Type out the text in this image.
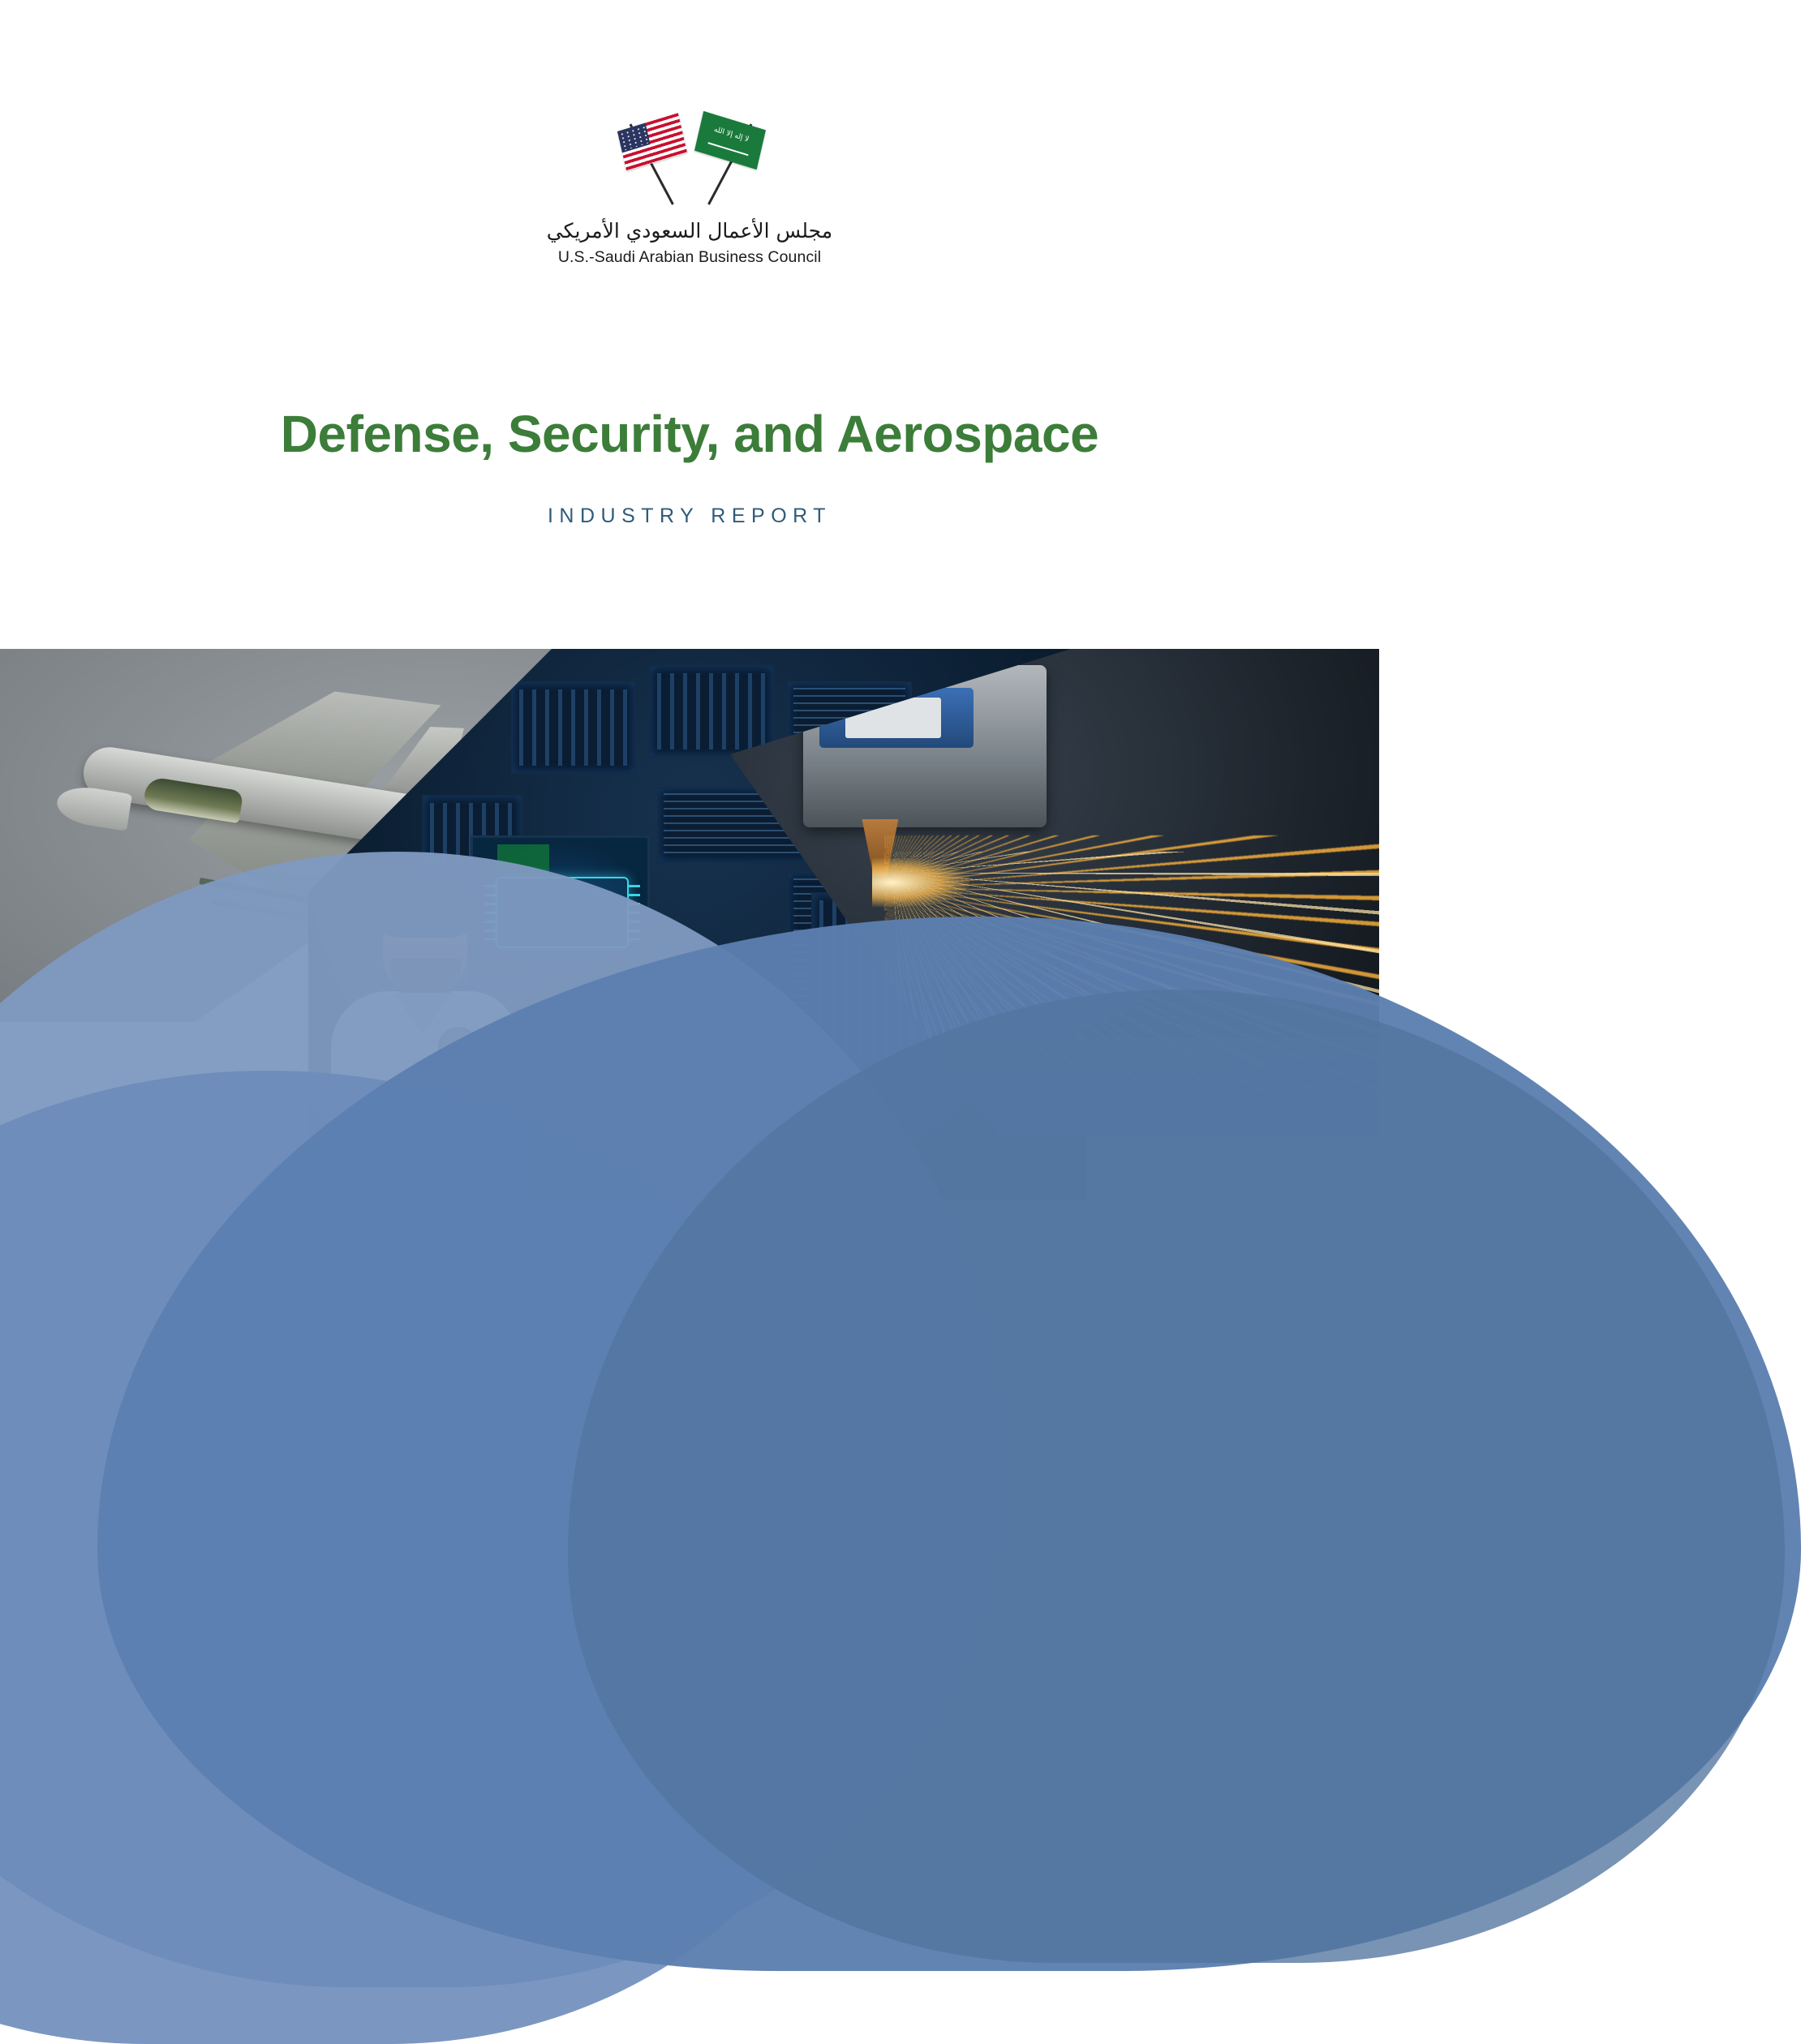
لا إله إلا الله
مجلس الأعمال السعودي الأمريكي
U.S.-Saudi Arabian Business Council
Defense, Security, and Aerospace
INDUSTRY REPORT
www.us-sabc.org
